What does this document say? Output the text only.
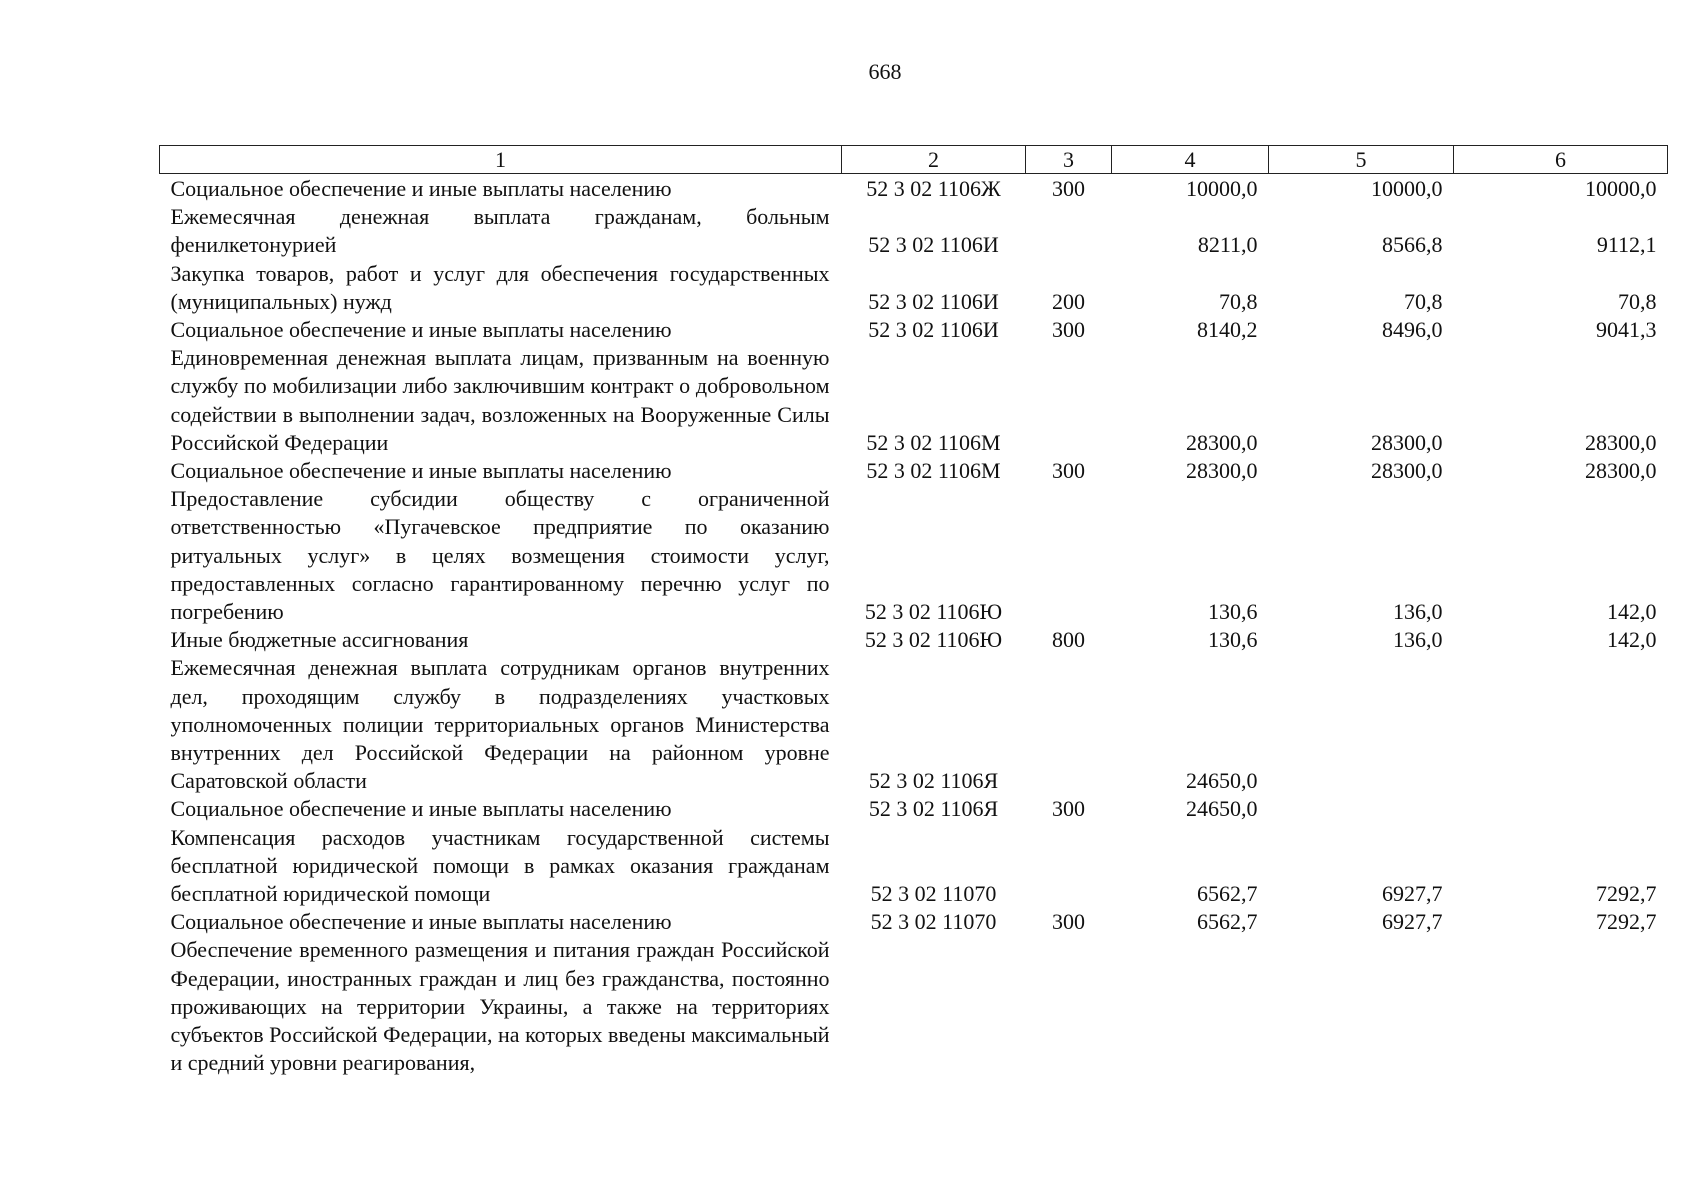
668
1	2	3	4	5	6
Социальное обеспечение и иные выплаты населению	52 3 02 1106Ж	300	10000,0	10000,0	10000,0
Ежемесячная денежная выплата гражданам, больным фенилкетонурией	52 3 02 1106И		8211,0	8566,8	9112,1
Закупка товаров, работ и услуг для обеспечения государственных (муниципальных) нужд	52 3 02 1106И	200	70,8	70,8	70,8
Социальное обеспечение и иные выплаты населению	52 3 02 1106И	300	8140,2	8496,0	9041,3
Единовременная денежная выплата лицам, призванным на военную службу по мобилизации либо заключившим контракт о добровольном содействии в выполнении задач, возложенных на Вооруженные Силы Российской Федерации	52 3 02 1106М		28300,0	28300,0	28300,0
Социальное обеспечение и иные выплаты населению	52 3 02 1106М	300	28300,0	28300,0	28300,0
Предоставление субсидии обществу с ограниченной ответственностью «Пугачевское предприятие по оказанию ритуальных услуг» в целях возмещения стоимости услуг, предоставленных согласно гарантированному перечню услуг по погребению	52 3 02 1106Ю		130,6	136,0	142,0
Иные бюджетные ассигнования	52 3 02 1106Ю	800	130,6	136,0	142,0
Ежемесячная денежная выплата сотрудникам органов внутренних дел, проходящим службу в подразделениях участковых уполномоченных полиции территориальных органов Министерства внутренних дел Российской Федерации на районном уровне Саратовской области	52 3 02 1106Я		24650,0		
Социальное обеспечение и иные выплаты населению	52 3 02 1106Я	300	24650,0		
Компенсация расходов участникам государственной системы бесплатной юридической помощи в рамках оказания гражданам бесплатной юридической помощи	52 3 02 11070		6562,7	6927,7	7292,7
Социальное обеспечение и иные выплаты населению	52 3 02 11070	300	6562,7	6927,7	7292,7
Обеспечение временного размещения и питания граждан Российской Федерации, иностранных граждан и лиц без гражданства, постоянно проживающих на территории Украины, а также на территориях субъектов Российской Федерации, на которых введены максимальный и средний уровни реагирования,					
